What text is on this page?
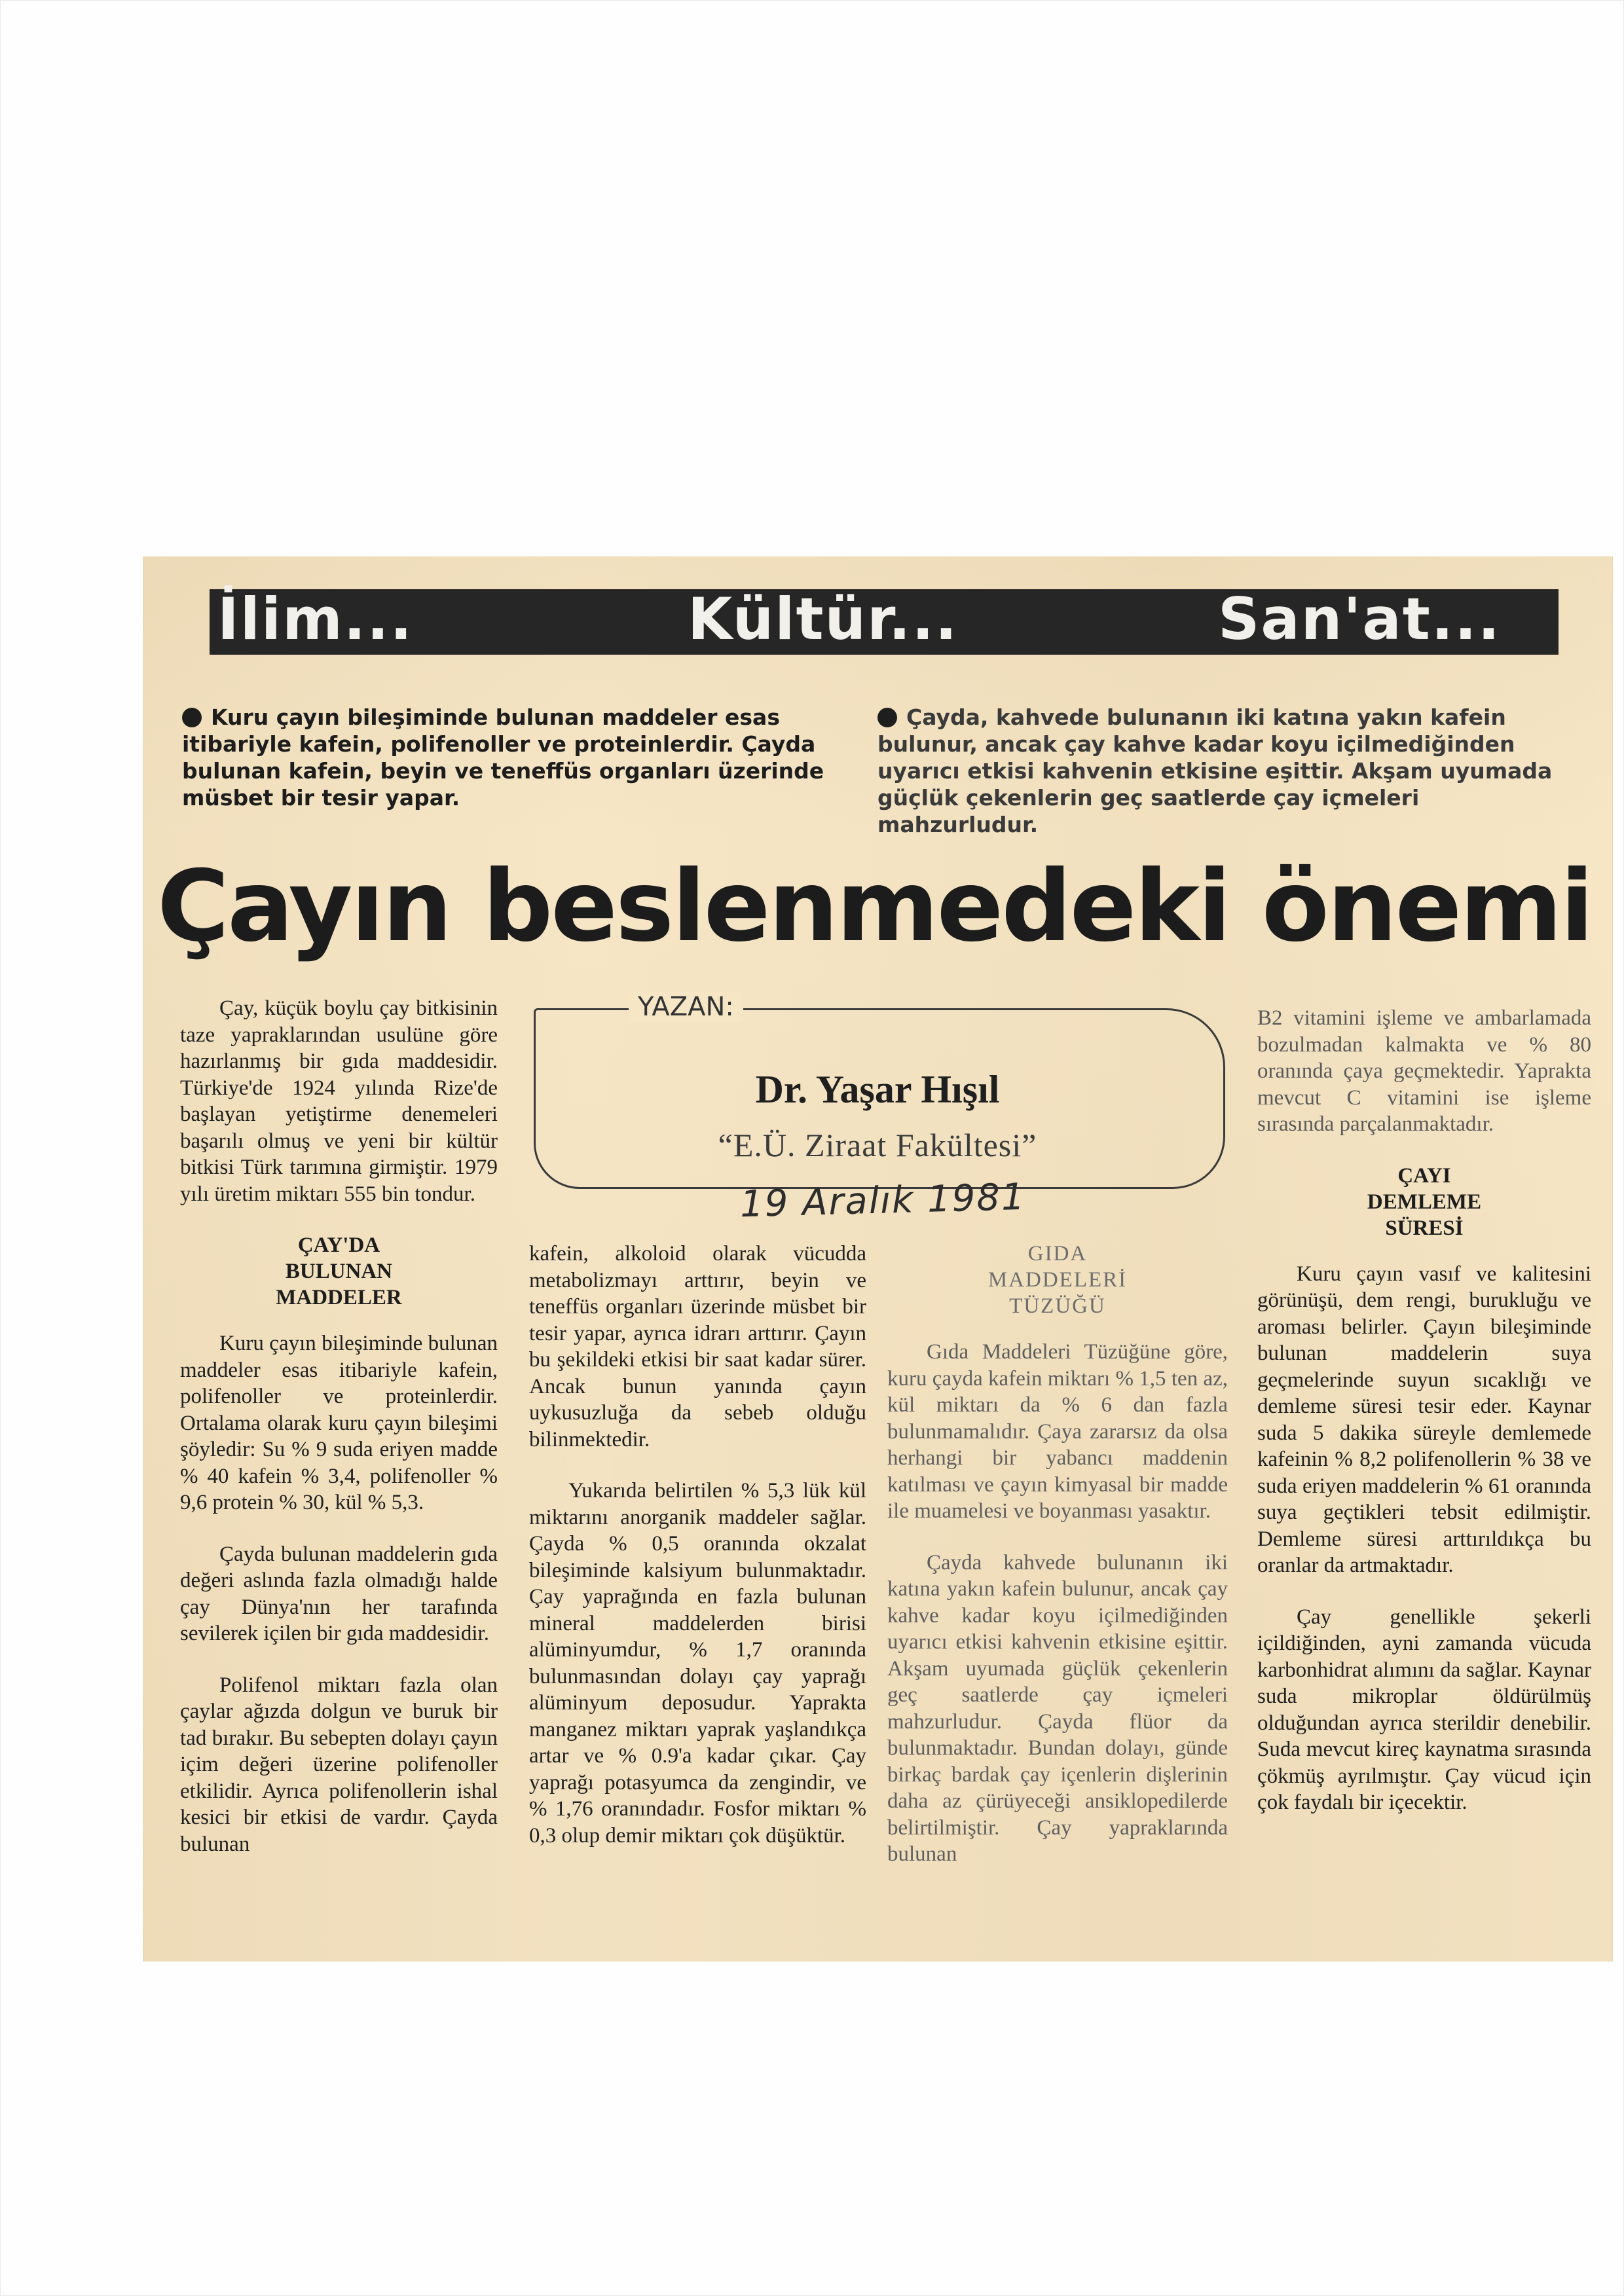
İlim...	Kültür...	San'at...
Kuru çayın bileşiminde bulunan maddeler esas itibariyle kafein, polifenoller ve proteinlerdir. Çayda bulunan kafein, beyin ve teneffüs organları üzerinde müsbet bir tesir yapar.
Çayda, kahvede bulunanın iki katına yakın kafein bulunur, ancak çay kahve kadar koyu içilmediğinden uyarıcı etkisi kahvenin etkisine eşittir. Akşam uyumada güçlük çekenlerin geç saatlerde çay içmeleri mahzurludur.
Çayın beslenmedeki önemi
YAZAN:
Dr. Yaşar Hışıl
“E.Ü. Ziraat Fakültesi”
19 Aralık 1981

Çay, küçük boylu çay bitkisinin taze yapraklarından usulüne göre hazırlanmış bir gıda maddesidir. Türkiye'de 1924 yılında Rize'de başlayan yetiştirme denemeleri başarılı olmuş ve yeni bir kültür bitkisi Türk tarımına girmiştir. 1979 yılı üretim miktarı 555 bin tondur.

ÇAY'DA
BULUNAN
MADDELER

Kuru çayın bileşiminde bulunan maddeler esas itibariyle kafein, polifenoller ve proteinlerdir. Ortalama olarak kuru çayın bileşimi şöyledir: Su % 9 suda eriyen madde % 40 kafein % 3,4, polifenoller % 9,6 protein % 30, kül % 5,3.

Çayda bulunan maddelerin gıda değeri aslında fazla olmadığı halde çay Dünya'nın her tarafında sevilerek içilen bir gıda maddesidir.

Polifenol miktarı fazla olan çaylar ağızda dolgun ve buruk bir tad bırakır. Bu sebepten dolayı çayın içim değeri üzerine polifenoller etkilidir. Ayrıca polifenollerin ishal kesici bir etkisi de vardır. Çayda bulunan

kafein, alkoloid olarak vücudda metabolizmayı arttırır, beyin ve teneffüs organları üzerinde müsbet bir tesir yapar, ayrıca idrarı arttırır. Çayın bu şekildeki etkisi bir saat kadar sürer. Ancak bunun yanında çayın uykusuzluğa da sebeb olduğu bilinmektedir.

Yukarıda belirtilen % 5,3 lük kül miktarını anorganik maddeler sağlar. Çayda % 0,5 oranında okzalat bileşiminde kalsiyum bulunmaktadır. Çay yaprağında en fazla bulunan mineral maddelerden birisi alüminyumdur, % 1,7 oranında bulunmasından dolayı çay yaprağı alüminyum deposudur. Yaprakta manganez miktarı yaprak yaşlandıkça artar ve % 0.9'a kadar çıkar. Çay yaprağı potasyumca da zengindir, ve % 1,76 oranındadır. Fosfor miktarı % 0,3 olup demir miktarı çok düşüktür.

GIDA
MADDELERİ
TÜZÜĞÜ

Gıda Maddeleri Tüzüğüne göre, kuru çayda kafein miktarı % 1,5 ten az, kül miktarı da % 6 dan fazla bulunmamalıdır. Çaya zararsız da olsa herhangi bir yabancı maddenin katılması ve çayın kimyasal bir madde ile muamelesi ve boyanması yasaktır.

Çayda kahvede bulunanın iki katına yakın kafein bulunur, ancak çay kahve kadar koyu içilmediğinden uyarıcı etkisi kahvenin etkisine eşittir. Akşam uyumada güçlük çekenlerin geç saatlerde çay içmeleri mahzurludur. Çayda flüor da bulunmaktadır. Bundan dolayı, günde birkaç bardak çay içenlerin dişlerinin daha az çürüyeceği ansiklopedilerde belirtilmiştir. Çay yapraklarında bulunan

B2 vitamini işleme ve ambarlamada bozulmadan kalmakta ve % 80 oranında çaya geçmektedir. Yaprakta mevcut C vitamini ise işleme sırasında parçalanmaktadır.

ÇAYI
DEMLEME
SÜRESİ

Kuru çayın vasıf ve kalitesini görünüşü, dem rengi, burukluğu ve aroması belirler. Çayın bileşiminde bulunan maddelerin suya geçmelerinde suyun sıcaklığı ve demleme süresi tesir eder. Kaynar suda 5 dakika süreyle demlemede kafeinin % 8,2 polifenollerin % 38 ve suda eriyen maddelerin % 61 oranında suya geçtikleri tebsit edilmiştir. Demleme süresi arttırıldıkça bu oranlar da artmaktadır.

Çay genellikle şekerli içildiğinden, ayni zamanda vücuda karbonhidrat alımını da sağlar. Kaynar suda mikroplar öldürülmüş olduğundan ayrıca sterildir denebilir. Suda mevcut kireç kaynatma sırasında çökmüş ayrılmıştır. Çay vücud için çok faydalı bir içecektir.
